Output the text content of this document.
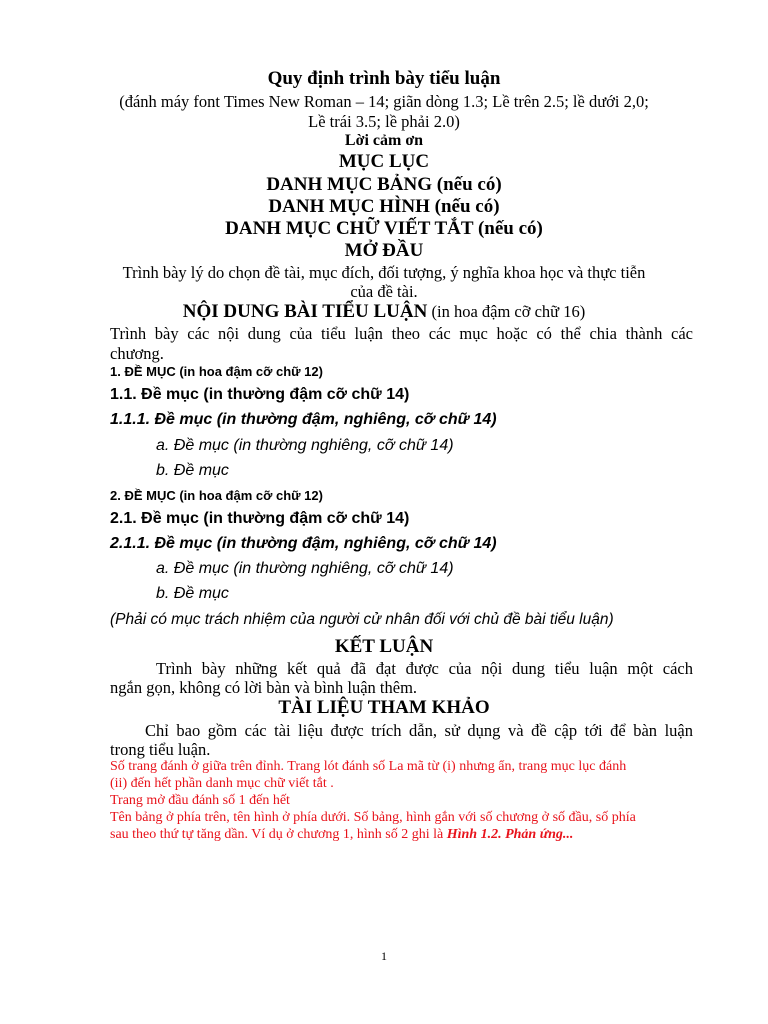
Quy định trình bày tiểu luận

(đánh máy font Times New Roman – 14; giãn dòng 1.3; Lề trên 2.5; lề dưới 2,0;

Lề trái 3.5; lề phải 2.0)

Lời cảm ơn

MỤC LỤC

DANH MỤC BẢNG (nếu có)

DANH MỤC HÌNH (nếu có)

DANH MỤC CHỮ VIẾT TẮT (nếu có)

MỞ ĐẦU

Trình bày lý do chọn đề tài, mục đích, đối tượng, ý nghĩa khoa học và thực tiễn

của đề tài.

NỘI DUNG BÀI TIỂU LUẬN (in hoa đậm cỡ chữ 16)

Trình bày các nội dung của tiểu luận theo các mục hoặc có thể chia thành các

chương.

1. ĐỀ MỤC (in hoa đậm cỡ chữ 12)

1.1. Đề mục (in thường đậm cỡ chữ 14)

1.1.1. Đề mục (in thường đậm, nghiêng, cỡ chữ 14)

a. Đề mục (in thường nghiêng, cỡ chữ 14)

b. Đề mục

2. ĐỀ MỤC (in hoa đậm cỡ chữ 12)

2.1. Đề mục (in thường đậm cỡ chữ 14)

2.1.1. Đề mục (in thường đậm, nghiêng, cỡ chữ 14)

a. Đề mục (in thường nghiêng, cỡ chữ 14)

b. Đề mục

(Phải có mục trách nhiệm của người cử nhân đối với chủ đề bài tiểu luận)

KẾT LUẬN

Trình bày những kết quả đã đạt được của nội dung tiểu luận một cách

ngắn gọn, không có lời bàn và bình luận thêm.

TÀI LIỆU THAM KHẢO

Chỉ bao gồm các tài liệu được trích dẫn, sử dụng và đề cập tới để bàn luận

trong tiểu luận.

Số trang đánh ở giữa trên đỉnh. Trang lót đánh số La mã từ (i) nhưng ẩn, trang mục lục đánh

(ii) đến hết phần danh mục chữ viết tắt .

Trang mở đầu đánh số 1 đến hết

Tên bảng ở phía trên, tên hình ở phía dưới. Số bảng, hình gắn với số chương ở số đầu, số phía

sau theo thứ tự tăng dần. Ví dụ ở chương 1, hình số 2 ghi là Hình 1.2. Phản ứng...

1
